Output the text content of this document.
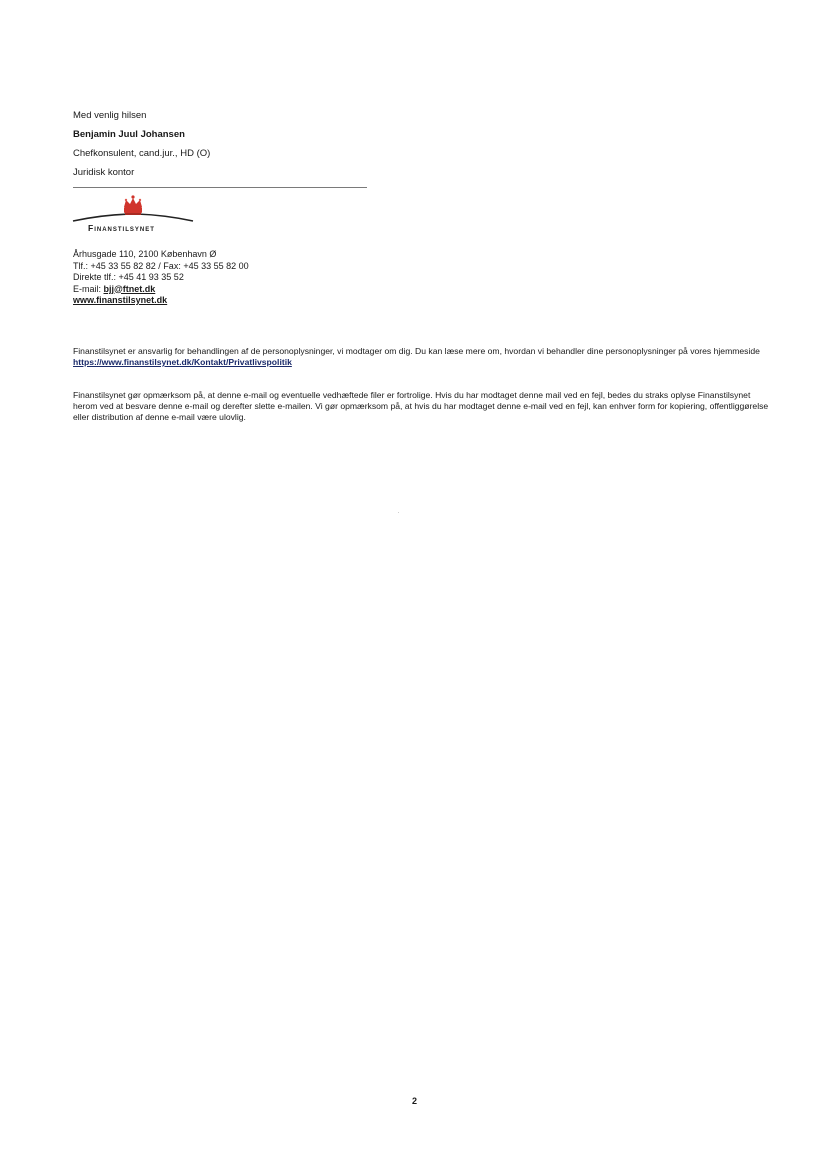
Med venlig hilsen
Benjamin Juul Johansen
Chefkonsulent, cand.jur., HD (O)
Juridisk kontor
Finanstilsynet
Århusgade 110, 2100 København Ø
Tlf.: +45 33 55 82 82 / Fax: +45 33 55 82 00
Direkte tlf.: +45 41 93 35 52
E-mail: bjj@ftnet.dk
www.finanstilsynet.dk
Finanstilsynet er ansvarlig for behandlingen af de personoplysninger, vi modtager om dig. Du kan læse mere om, hvordan vi behandler dine personoplysninger på vores hjemmeside https://www.finanstilsynet.dk/Kontakt/Privatlivspolitik
Finanstilsynet gør opmærksom på, at denne e-mail og eventuelle vedhæftede filer er fortrolige. Hvis du har modtaget denne mail ved en fejl, bedes du straks oplyse Finanstilsynet herom ved at besvare denne e-mail og derefter slette e-mailen. Vi gør opmærksom på, at hvis du har modtaget denne e-mail ved en fejl, kan enhver form for kopiering, offentliggørelse eller distribution af denne e-mail være ulovlig.
2
